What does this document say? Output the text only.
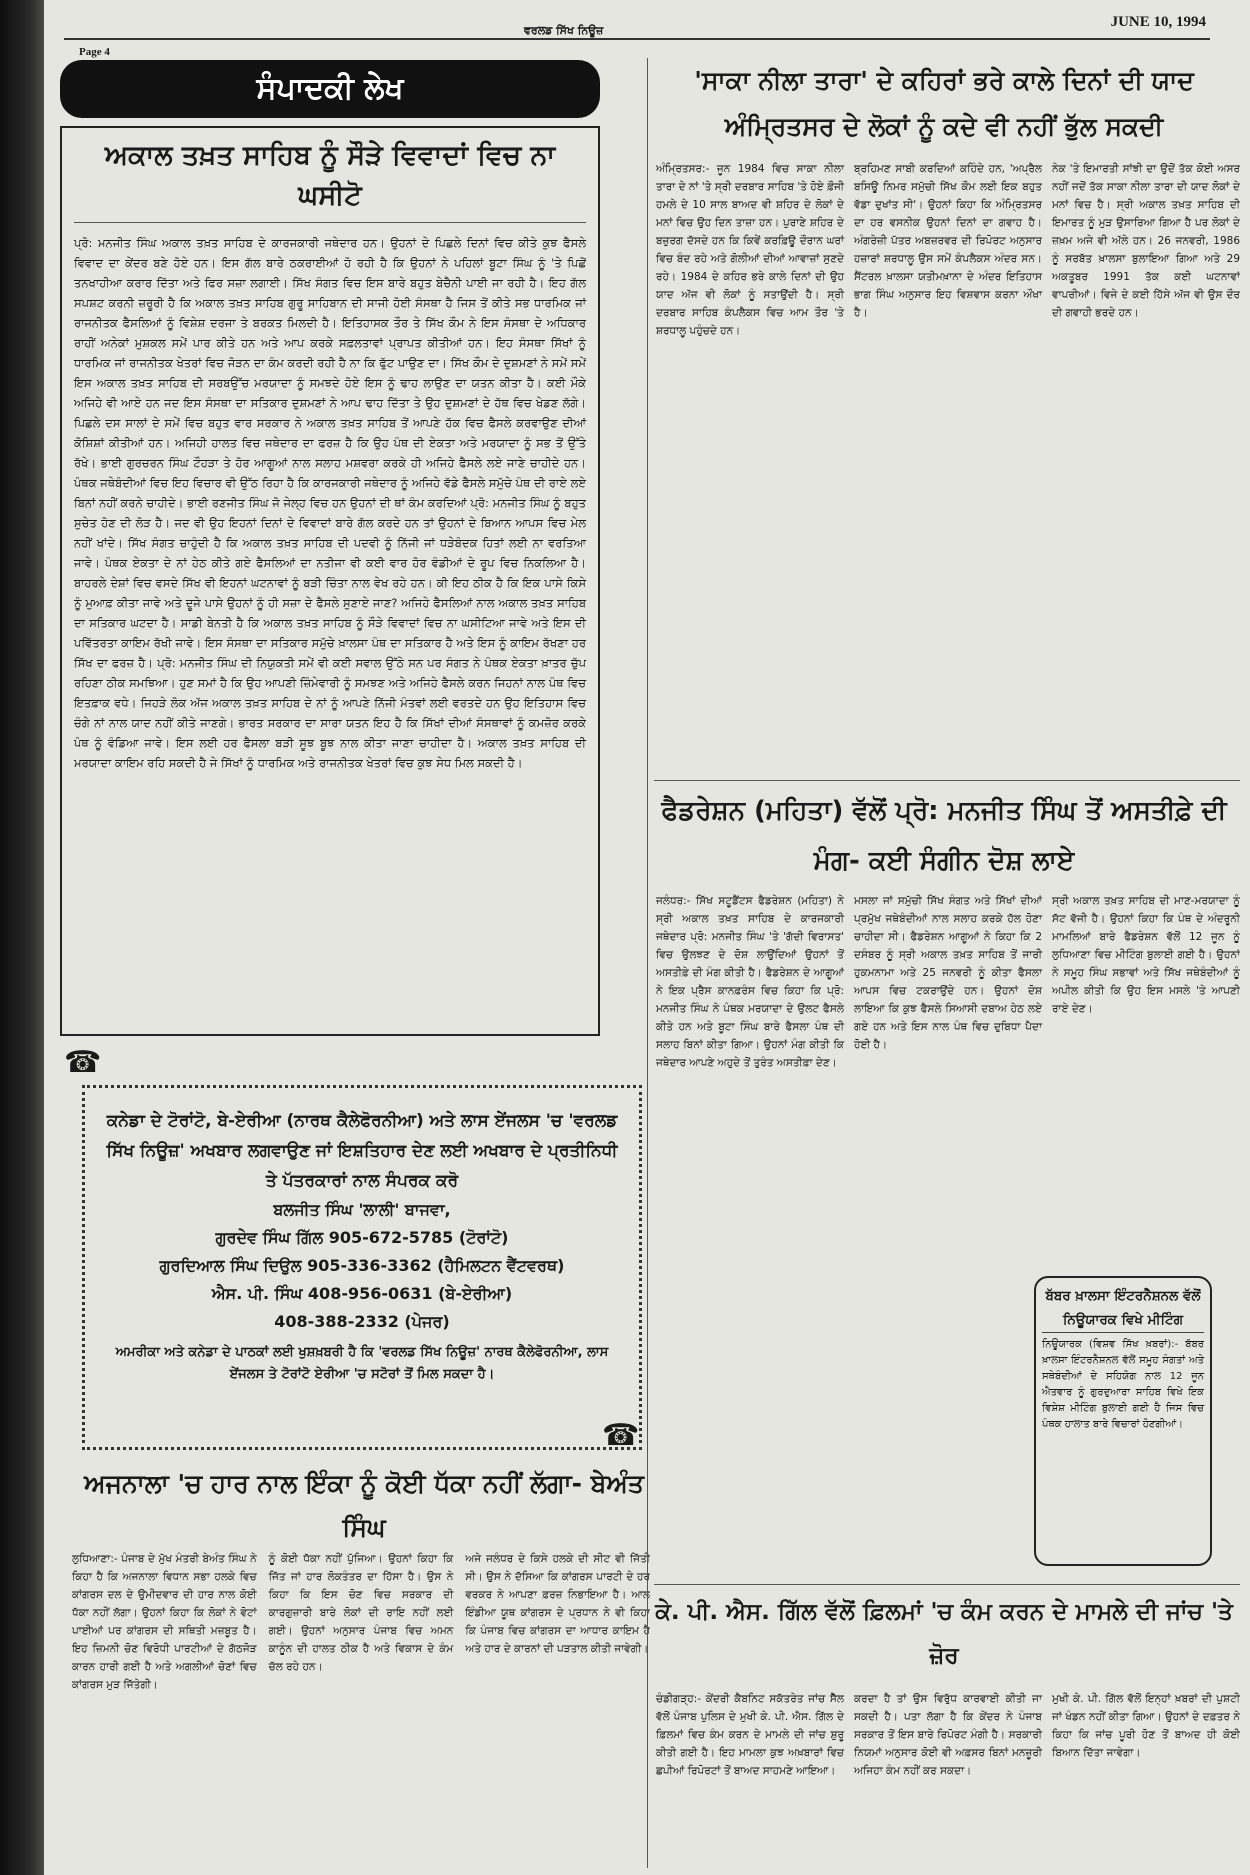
ਵਰਲਡ ਸਿੱਖ ਨਿਊਜ਼
JUNE 10, 1994
Page 4
ਸੰਪਾਦਕੀ ਲੇਖ
ਅਕਾਲ ਤਖ਼ਤ ਸਾਹਿਬ ਨੂੰ ਸੌੜੇ ਵਿਵਾਦਾਂ ਵਿਚ ਨਾ ਘਸੀਟੋ
ਪ੍ਰੋ: ਮਨਜੀਤ ਸਿੰਘ ਅਕਾਲ ਤਖ਼ਤ ਸਾਹਿਬ ਦੇ ਕਾਰਜਕਾਰੀ ਜਥੇਦਾਰ ਹਨ। ਉਹਨਾਂ ਦੇ ਪਿਛਲੇ ਦਿਨਾਂ ਵਿਚ ਕੀਤੇ ਕੁਝ ਫੈਸਲੇ ਵਿਵਾਦ ਦਾ ਕੇਂਦਰ ਬਣੇ ਹੋਏ ਹਨ। ਇਸ ਗੱਲ ਬਾਰੇ ਠਕਰਾਈਆਂ ਹੋ ਰਹੀ ਹੈ ਕਿ ਉਹਨਾਂ ਨੇ ਪਹਿਲਾਂ ਬੂਟਾ ਸਿੰਘ ਨੂੰ 'ਤੇ ਪਿਛੋਂ ਤਨਖਾਹੀਆ ਕਰਾਰ ਦਿੱਤਾ ਅਤੇ ਫਿਰ ਸਜ਼ਾ ਲਗਾਈ। ਸਿੱਖ ਸੰਗਤ ਵਿਚ ਇਸ ਬਾਰੇ ਬਹੁਤ ਬੇਚੈਨੀ ਪਾਈ ਜਾ ਰਹੀ ਹੈ। ਇਹ ਗੱਲ ਸਪਸ਼ਟ ਕਰਨੀ ਜ਼ਰੂਰੀ ਹੈ ਕਿ ਅਕਾਲ ਤਖ਼ਤ ਸਾਹਿਬ ਗੁਰੂ ਸਾਹਿਬਾਨ ਦੀ ਸਾਜੀ ਹੋਈ ਸੰਸਥਾ ਹੈ ਜਿਸ ਤੋਂ ਕੀਤੇ ਸਭ ਧਾਰਮਿਕ ਜਾਂ ਰਾਜਨੀਤਕ ਫੈਸਲਿਆਂ ਨੂੰ ਵਿਸ਼ੇਸ਼ ਦਰਜਾ ਤੇ ਬਰਕਤ ਮਿਲਦੀ ਹੈ। ਇਤਿਹਾਸਕ ਤੌਰ ਤੇ ਸਿੱਖ ਕੌਮ ਨੇ ਇਸ ਸੰਸਥਾ ਦੇ ਅਧਿਕਾਰ ਰਾਹੀਂ ਅਨੇਕਾਂ ਮੁਸ਼ਕਲ ਸਮੇਂ ਪਾਰ ਕੀਤੇ ਹਨ ਅਤੇ ਆਪ ਕਰਕੇ ਸਫ਼ਲਤਾਵਾਂ ਪ੍ਰਾਪਤ ਕੀਤੀਆਂ ਹਨ। ਇਹ ਸੰਸਥਾ ਸਿੱਖਾਂ ਨੂੰ ਧਾਰਮਿਕ ਜਾਂ ਰਾਜਨੀਤਕ ਖੇਤਰਾਂ ਵਿਚ ਜੋੜਨ ਦਾ ਕੰਮ ਕਰਦੀ ਰਹੀ ਹੈ ਨਾ ਕਿ ਫੁੱਟ ਪਾਉਣ ਦਾ। ਸਿੱਖ ਕੌਮ ਦੇ ਦੁਸ਼ਮਣਾਂ ਨੇ ਸਮੇਂ ਸਮੇਂ ਇਸ ਅਕਾਲ ਤਖ਼ਤ ਸਾਹਿਬ ਦੀ ਸਰਬਉੱਚ ਮਰਯਾਦਾ ਨੂੰ ਸਮਝਦੇ ਹੋਏ ਇਸ ਨੂੰ ਢਾਹ ਲਾਉਣ ਦਾ ਯਤਨ ਕੀਤਾ ਹੈ। ਕਈ ਮੌਕੇ ਅਜਿਹੇ ਵੀ ਆਏ ਹਨ ਜਦ ਇਸ ਸੰਸਥਾ ਦਾ ਸਤਿਕਾਰ ਦੁਸ਼ਮਣਾਂ ਨੇ ਆਪ ਢਾਹ ਦਿੱਤਾ ਤੇ ਉਹ ਦੁਸ਼ਮਣਾਂ ਦੇ ਹੱਥ ਵਿਚ ਖੇਡਣ ਲੱਗੇ। ਪਿਛਲੇ ਦਸ ਸਾਲਾਂ ਦੇ ਸਮੇਂ ਵਿਚ ਬਹੁਤ ਵਾਰ ਸਰਕਾਰ ਨੇ ਅਕਾਲ ਤਖ਼ਤ ਸਾਹਿਬ ਤੋਂ ਆਪਣੇ ਹੱਕ ਵਿਚ ਫੈਸਲੇ ਕਰਵਾਉਣ ਦੀਆਂ ਕੋਸ਼ਿਸ਼ਾਂ ਕੀਤੀਆਂ ਹਨ। ਅਜਿਹੀ ਹਾਲਤ ਵਿਚ ਜਥੇਦਾਰ ਦਾ ਫਰਜ਼ ਹੈ ਕਿ ਉਹ ਪੰਥ ਦੀ ਏਕਤਾ ਅਤੇ ਮਰਯਾਦਾ ਨੂੰ ਸਭ ਤੋਂ ਉੱਤੇ ਰੱਖੇ। ਭਾਈ ਗੁਰਚਰਨ ਸਿੰਘ ਟੌਹੜਾ ਤੇ ਹੋਰ ਆਗੂਆਂ ਨਾਲ ਸਲਾਹ ਮਸ਼ਵਰਾ ਕਰਕੇ ਹੀ ਅਜਿਹੇ ਫੈਸਲੇ ਲਏ ਜਾਣੇ ਚਾਹੀਦੇ ਹਨ। ਪੰਥਕ ਜਥੇਬੰਦੀਆਂ ਵਿਚ ਇਹ ਵਿਚਾਰ ਵੀ ਉੱਠ ਰਿਹਾ ਹੈ ਕਿ ਕਾਰਜਕਾਰੀ ਜਥੇਦਾਰ ਨੂੰ ਅਜਿਹੇ ਵੱਡੇ ਫੈਸਲੇ ਸਮੁੱਚੇ ਪੰਥ ਦੀ ਰਾਏ ਲਏ ਬਿਨਾਂ ਨਹੀਂ ਕਰਨੇ ਚਾਹੀਦੇ। ਭਾਈ ਰਣਜੀਤ ਸਿੰਘ ਜੋ ਜੇਲ੍ਹ ਵਿਚ ਹਨ ਉਹਨਾਂ ਦੀ ਥਾਂ ਕੰਮ ਕਰਦਿਆਂ ਪ੍ਰੋ: ਮਨਜੀਤ ਸਿੰਘ ਨੂੰ ਬਹੁਤ ਸੁਚੇਤ ਹੋਣ ਦੀ ਲੋੜ ਹੈ। ਜਦ ਵੀ ਉਹ ਇਹਨਾਂ ਦਿਨਾਂ ਦੇ ਵਿਵਾਦਾਂ ਬਾਰੇ ਗੱਲ ਕਰਦੇ ਹਨ ਤਾਂ ਉਹਨਾਂ ਦੇ ਬਿਆਨ ਆਪਸ ਵਿਚ ਮੇਲ ਨਹੀਂ ਖਾਂਦੇ। ਸਿੱਖ ਸੰਗਤ ਚਾਹੁੰਦੀ ਹੈ ਕਿ ਅਕਾਲ ਤਖ਼ਤ ਸਾਹਿਬ ਦੀ ਪਦਵੀ ਨੂੰ ਨਿੱਜੀ ਜਾਂ ਧੜੇਬੰਦਕ ਹਿਤਾਂ ਲਈ ਨਾ ਵਰਤਿਆ ਜਾਵੇ। ਪੰਥਕ ਏਕਤਾ ਦੇ ਨਾਂ ਹੇਠ ਕੀਤੇ ਗਏ ਫੈਸਲਿਆਂ ਦਾ ਨਤੀਜਾ ਵੀ ਕਈ ਵਾਰ ਹੋਰ ਵੰਡੀਆਂ ਦੇ ਰੂਪ ਵਿਚ ਨਿਕਲਿਆ ਹੈ। ਬਾਹਰਲੇ ਦੇਸ਼ਾਂ ਵਿਚ ਵਸਦੇ ਸਿੱਖ ਵੀ ਇਹਨਾਂ ਘਟਨਾਵਾਂ ਨੂੰ ਬੜੀ ਚਿੰਤਾ ਨਾਲ ਵੇਖ ਰਹੇ ਹਨ। ਕੀ ਇਹ ਠੀਕ ਹੈ ਕਿ ਇਕ ਪਾਸੇ ਕਿਸੇ ਨੂੰ ਮੁਆਫ਼ ਕੀਤਾ ਜਾਵੇ ਅਤੇ ਦੂਜੇ ਪਾਸੇ ਉਹਨਾਂ ਨੂੰ ਹੀ ਸਜ਼ਾ ਦੇ ਫੈਸਲੇ ਸੁਣਾਏ ਜਾਣ? ਅਜਿਹੇ ਫੈਸਲਿਆਂ ਨਾਲ ਅਕਾਲ ਤਖ਼ਤ ਸਾਹਿਬ ਦਾ ਸਤਿਕਾਰ ਘਟਦਾ ਹੈ। ਸਾਡੀ ਬੇਨਤੀ ਹੈ ਕਿ ਅਕਾਲ ਤਖ਼ਤ ਸਾਹਿਬ ਨੂੰ ਸੌੜੇ ਵਿਵਾਦਾਂ ਵਿਚ ਨਾ ਘਸੀਟਿਆ ਜਾਵੇ ਅਤੇ ਇਸ ਦੀ ਪਵਿੱਤਰਤਾ ਕਾਇਮ ਰੱਖੀ ਜਾਵੇ। ਇਸ ਸੰਸਥਾ ਦਾ ਸਤਿਕਾਰ ਸਮੁੱਚੇ ਖ਼ਾਲਸਾ ਪੰਥ ਦਾ ਸਤਿਕਾਰ ਹੈ ਅਤੇ ਇਸ ਨੂੰ ਕਾਇਮ ਰੱਖਣਾ ਹਰ ਸਿੱਖ ਦਾ ਫਰਜ਼ ਹੈ। ਪ੍ਰੋ: ਮਨਜੀਤ ਸਿੰਘ ਦੀ ਨਿਯੁਕਤੀ ਸਮੇਂ ਵੀ ਕਈ ਸਵਾਲ ਉੱਠੇ ਸਨ ਪਰ ਸੰਗਤ ਨੇ ਪੰਥਕ ਏਕਤਾ ਖ਼ਾਤਰ ਚੁੱਪ ਰਹਿਣਾ ਠੀਕ ਸਮਝਿਆ। ਹੁਣ ਸਮਾਂ ਹੈ ਕਿ ਉਹ ਆਪਣੀ ਜ਼ਿੰਮੇਵਾਰੀ ਨੂੰ ਸਮਝਣ ਅਤੇ ਅਜਿਹੇ ਫੈਸਲੇ ਕਰਨ ਜਿਹਨਾਂ ਨਾਲ ਪੰਥ ਵਿਚ ਇਤਫ਼ਾਕ ਵਧੇ। ਜਿਹੜੇ ਲੋਕ ਅੱਜ ਅਕਾਲ ਤਖ਼ਤ ਸਾਹਿਬ ਦੇ ਨਾਂ ਨੂੰ ਆਪਣੇ ਨਿੱਜੀ ਮੰਤਵਾਂ ਲਈ ਵਰਤਦੇ ਹਨ ਉਹ ਇਤਿਹਾਸ ਵਿਚ ਚੰਗੇ ਨਾਂ ਨਾਲ ਯਾਦ ਨਹੀਂ ਕੀਤੇ ਜਾਣਗੇ। ਭਾਰਤ ਸਰਕਾਰ ਦਾ ਸਾਰਾ ਯਤਨ ਇਹ ਹੈ ਕਿ ਸਿੱਖਾਂ ਦੀਆਂ ਸੰਸਥਾਵਾਂ ਨੂੰ ਕਮਜ਼ੋਰ ਕਰਕੇ ਪੰਥ ਨੂੰ ਵੰਡਿਆ ਜਾਵੇ। ਇਸ ਲਈ ਹਰ ਫੈਸਲਾ ਬੜੀ ਸੂਝ ਬੂਝ ਨਾਲ ਕੀਤਾ ਜਾਣਾ ਚਾਹੀਦਾ ਹੈ। ਅਕਾਲ ਤਖ਼ਤ ਸਾਹਿਬ ਦੀ ਮਰਯਾਦਾ ਕਾਇਮ ਰਹਿ ਸਕਦੀ ਹੈ ਜੇ ਸਿੱਖਾਂ ਨੂੰ ਧਾਰਮਿਕ ਅਤੇ ਰਾਜਨੀਤਕ ਖੇਤਰਾਂ ਵਿਚ ਕੁਝ ਸੇਧ ਮਿਲ ਸਕਦੀ ਹੈ।
☎
ਕਨੇਡਾ ਦੇ ਟੋਰਾਂਟੋ, ਬੇ-ਏਰੀਆ (ਨਾਰਥ ਕੈਲੇਫੋਰਨੀਆ) ਅਤੇ ਲਾਸ ਏਂਜਲਸ 'ਚ 'ਵਰਲਡ ਸਿੱਖ ਨਿਊਜ਼' ਅਖਬਾਰ ਲਗਵਾਉਣ ਜਾਂ ਇਸ਼ਤਿਹਾਰ ਦੇਣ ਲਈ ਅਖਬਾਰ ਦੇ ਪ੍ਰਤੀਨਿਧੀ ਤੇ ਪੱਤਰਕਾਰਾਂ ਨਾਲ ਸੰਪਰਕ ਕਰੋ
ਬਲਜੀਤ ਸਿੰਘ 'ਲਾਲੀ' ਬਾਜਵਾ,
ਗੁਰਦੇਵ ਸਿੰਘ ਗਿੱਲ 905-672-5785 (ਟੋਰਾਂਟੋ)
ਗੁਰਦਿਆਲ ਸਿੰਘ ਦਿਉਲ 905-336-3362 (ਹੈਮਿਲਟਨ ਵੈਂਟਵਰਥ)
ਐਸ. ਪੀ. ਸਿੰਘ 408-956-0631 (ਬੇ-ਏਰੀਆ)
408-388-2332 (ਪੇਜਰ)
ਅਮਰੀਕਾ ਅਤੇ ਕਨੇਡਾ ਦੇ ਪਾਠਕਾਂ ਲਈ ਖੁਸ਼ਖ਼ਬਰੀ ਹੈ ਕਿ 'ਵਰਲਡ ਸਿੱਖ ਨਿਊਜ਼' ਨਾਰਥ ਕੈਲੇਫੋਰਨੀਆ, ਲਾਸ ਏਂਜਲਸ ਤੇ ਟੋਰਾਂਟੋ ਏਰੀਆ 'ਚ ਸਟੋਰਾਂ ਤੋਂ ਮਿਲ ਸਕਦਾ ਹੈ।
☎
ਅਜਨਾਲਾ 'ਚ ਹਾਰ ਨਾਲ ਇੰਕਾ ਨੂੰ ਕੋਈ ਧੱਕਾ ਨਹੀਂ ਲੱਗਾ- ਬੇਅੰਤ ਸਿੰਘ
ਲੁਧਿਆਣਾ:- ਪੰਜਾਬ ਦੇ ਮੁੱਖ ਮੰਤਰੀ ਬੇਅੰਤ ਸਿੰਘ ਨੇ ਕਿਹਾ ਹੈ ਕਿ ਅਜਨਾਲਾ ਵਿਧਾਨ ਸਭਾ ਹਲਕੇ ਵਿਚ ਕਾਂਗਰਸ ਦਲ ਦੇ ਉਮੀਦਵਾਰ ਦੀ ਹਾਰ ਨਾਲ ਕੋਈ ਧੱਕਾ ਨਹੀਂ ਲੱਗਾ। ਉਹਨਾਂ ਕਿਹਾ ਕਿ ਲੋਕਾਂ ਨੇ ਵੋਟਾਂ ਪਾਈਆਂ ਪਰ ਕਾਂਗਰਸ ਦੀ ਸਥਿਤੀ ਮਜ਼ਬੂਤ ਹੈ। ਇਹ ਜ਼ਿਮਨੀ ਚੋਣ ਵਿਰੋਧੀ ਪਾਰਟੀਆਂ ਦੇ ਗੱਠਜੋੜ ਕਾਰਨ ਹਾਰੀ ਗਈ ਹੈ ਅਤੇ ਅਗਲੀਆਂ ਚੋਣਾਂ ਵਿਚ ਕਾਂਗਰਸ ਮੁੜ ਜਿੱਤੇਗੀ।
ਨੂੰ ਕੋਈ ਧੱਕਾ ਨਹੀਂ ਪੁੱਜਿਆ। ਉਹਨਾਂ ਕਿਹਾ ਕਿ ਜਿੱਤ ਜਾਂ ਹਾਰ ਲੋਕਤੰਤਰ ਦਾ ਹਿੱਸਾ ਹੈ। ਉਸ ਨੇ ਕਿਹਾ ਕਿ ਇਸ ਚੋਣ ਵਿਚ ਸਰਕਾਰ ਦੀ ਕਾਰਗੁਜ਼ਾਰੀ ਬਾਰੇ ਲੋਕਾਂ ਦੀ ਰਾਇ ਨਹੀਂ ਲਈ ਗਈ। ਉਹਨਾਂ ਅਨੁਸਾਰ ਪੰਜਾਬ ਵਿਚ ਅਮਨ ਕਾਨੂੰਨ ਦੀ ਹਾਲਤ ਠੀਕ ਹੈ ਅਤੇ ਵਿਕਾਸ ਦੇ ਕੰਮ ਚੱਲ ਰਹੇ ਹਨ।
ਅਜੇ ਜਲੰਧਰ ਦੇ ਕਿਸੇ ਹਲਕੇ ਦੀ ਸੀਟ ਵੀ ਜਿੱਤੀ ਸੀ। ਉਸ ਨੇ ਦੱਸਿਆ ਕਿ ਕਾਂਗਰਸ ਪਾਰਟੀ ਦੇ ਹਰ ਵਰਕਰ ਨੇ ਆਪਣਾ ਫ਼ਰਜ਼ ਨਿਭਾਇਆ ਹੈ। ਆਲ ਇੰਡੀਆ ਯੂਥ ਕਾਂਗਰਸ ਦੇ ਪ੍ਰਧਾਨ ਨੇ ਵੀ ਕਿਹਾ ਕਿ ਪੰਜਾਬ ਵਿਚ ਕਾਂਗਰਸ ਦਾ ਆਧਾਰ ਕਾਇਮ ਹੈ ਅਤੇ ਹਾਰ ਦੇ ਕਾਰਨਾਂ ਦੀ ਪੜਤਾਲ ਕੀਤੀ ਜਾਵੇਗੀ।
'ਸਾਕਾ ਨੀਲਾ ਤਾਰਾ' ਦੇ ਕਹਿਰਾਂ ਭਰੇ ਕਾਲੇ ਦਿਨਾਂ ਦੀ ਯਾਦ ਅੰਮ੍ਰਿਤਸਰ ਦੇ ਲੋਕਾਂ ਨੂੰ ਕਦੇ ਵੀ ਨਹੀਂ ਭੁੱਲ ਸਕਦੀ
ਅੰਮ੍ਰਿਤਸਰ:- ਜੂਨ 1984 ਵਿਚ ਸਾਕਾ ਨੀਲਾ ਤਾਰਾ ਦੇ ਨਾਂ 'ਤੇ ਸ੍ਰੀ ਦਰਬਾਰ ਸਾਹਿਬ 'ਤੇ ਹੋਏ ਫ਼ੌਜੀ ਹਮਲੇ ਦੇ 10 ਸਾਲ ਬਾਅਦ ਵੀ ਸ਼ਹਿਰ ਦੇ ਲੋਕਾਂ ਦੇ ਮਨਾਂ ਵਿਚ ਉਹ ਦਿਨ ਤਾਜ਼ਾ ਹਨ। ਪੁਰਾਣੇ ਸ਼ਹਿਰ ਦੇ ਬਜ਼ੁਰਗ ਦੱਸਦੇ ਹਨ ਕਿ ਕਿਵੇਂ ਕਰਫ਼ਿਊ ਦੌਰਾਨ ਘਰਾਂ ਵਿਚ ਬੰਦ ਰਹੇ ਅਤੇ ਗੋਲੀਆਂ ਦੀਆਂ ਆਵਾਜ਼ਾਂ ਸੁਣਦੇ ਰਹੇ। 1984 ਦੇ ਕਹਿਰ ਭਰੇ ਕਾਲੇ ਦਿਨਾਂ ਦੀ ਉਹ ਯਾਦ ਅੱਜ ਵੀ ਲੋਕਾਂ ਨੂੰ ਸਤਾਉਂਦੀ ਹੈ। ਸ੍ਰੀ ਦਰਬਾਰ ਸਾਹਿਬ ਕੰਪਲੈਕਸ ਵਿਚ ਆਮ ਤੌਰ 'ਤੇ ਸ਼ਰਧਾਲੂ ਪਹੁੰਚਦੇ ਹਨ।
ਬ੍ਰਹਿਮਣ ਸਾਬੀ ਕਰਦਿਆਂ ਕਹਿੰਦੇ ਹਨ, 'ਅਪ੍ਰੈਲ ਬਸਿਊ ਨਿਮਰ ਸਮੁੱਚੀ ਸਿੱਖ ਕੌਮ ਲਈ ਇਕ ਬਹੁਤ ਵੱਡਾ ਦੁਖਾਂਤ ਸੀ'। ਉਹਨਾਂ ਕਿਹਾ ਕਿ ਅੰਮ੍ਰਿਤਸਰ ਦਾ ਹਰ ਵਸਨੀਕ ਉਹਨਾਂ ਦਿਨਾਂ ਦਾ ਗਵਾਹ ਹੈ। ਅੰਗਰੇਜ਼ੀ ਪੱਤਰ ਅਬਜ਼ਰਵਰ ਦੀ ਰਿਪੋਰਟ ਅਨੁਸਾਰ ਹਜ਼ਾਰਾਂ ਸ਼ਰਧਾਲੂ ਉਸ ਸਮੇਂ ਕੰਪਲੈਕਸ ਅੰਦਰ ਸਨ। ਸੈਂਟਰਲ ਖ਼ਾਲਸਾ ਯਤੀਮਖ਼ਾਨਾ ਦੇ ਅੰਦਰ ਇਤਿਹਾਸ ਭਾਗ ਸਿੰਘ ਅਨੁਸਾਰ ਇਹ ਵਿਸ਼ਵਾਸ ਕਰਨਾ ਔਖਾ ਹੈ।
ਨੇਕ 'ਤੇ ਇਮਾਰਤੀ ਸਾਂਝੀ ਦਾ ਉਦੋਂ ਤੱਕ ਕੋਈ ਅਸਰ ਨਹੀਂ ਜਦੋਂ ਤੱਕ ਸਾਕਾ ਨੀਲਾ ਤਾਰਾ ਦੀ ਯਾਦ ਲੋਕਾਂ ਦੇ ਮਨਾਂ ਵਿਚ ਹੈ। ਸ੍ਰੀ ਅਕਾਲ ਤਖ਼ਤ ਸਾਹਿਬ ਦੀ ਇਮਾਰਤ ਨੂੰ ਮੁੜ ਉਸਾਰਿਆ ਗਿਆ ਹੈ ਪਰ ਲੋਕਾਂ ਦੇ ਜ਼ਖ਼ਮ ਅਜੇ ਵੀ ਅੱਲੇ ਹਨ। 26 ਜਨਵਰੀ, 1986 ਨੂੰ ਸਰਬੱਤ ਖ਼ਾਲਸਾ ਬੁਲਾਇਆ ਗਿਆ ਅਤੇ 29 ਅਕਤੂਬਰ 1991 ਤੱਕ ਕਈ ਘਟਨਾਵਾਂ ਵਾਪਰੀਆਂ। ਵਿਜੇ ਦੇ ਕਈ ਹਿੱਸੇ ਅੱਜ ਵੀ ਉਸ ਦੌਰ ਦੀ ਗਵਾਹੀ ਭਰਦੇ ਹਨ।
ਫੈਡਰੇਸ਼ਨ (ਮਹਿਤਾ) ਵੱਲੋਂ ਪ੍ਰੋ: ਮਨਜੀਤ ਸਿੰਘ ਤੋਂ ਅਸਤੀਫ਼ੇ ਦੀ ਮੰਗ- ਕਈ ਸੰਗੀਨ ਦੋਸ਼ ਲਾਏ
ਜਲੰਧਰ:- ਸਿੱਖ ਸਟੂਡੈਂਟਸ ਫੈਡਰੇਸ਼ਨ (ਮਹਿਤਾ) ਨੇ ਸ੍ਰੀ ਅਕਾਲ ਤਖ਼ਤ ਸਾਹਿਬ ਦੇ ਕਾਰਜਕਾਰੀ ਜਥੇਦਾਰ ਪ੍ਰੋ: ਮਨਜੀਤ ਸਿੰਘ 'ਤੇ 'ਗੱਦੀ ਵਿਰਾਸਤ' ਵਿਚ ਉਲਝਣ ਦੇ ਦੋਸ਼ ਲਾਉਂਦਿਆਂ ਉਹਨਾਂ ਤੋਂ ਅਸਤੀਫ਼ੇ ਦੀ ਮੰਗ ਕੀਤੀ ਹੈ। ਫੈਡਰੇਸ਼ਨ ਦੇ ਆਗੂਆਂ ਨੇ ਇਕ ਪ੍ਰੈਸ ਕਾਨਫ਼ਰੰਸ ਵਿਚ ਕਿਹਾ ਕਿ ਪ੍ਰੋ: ਮਨਜੀਤ ਸਿੰਘ ਨੇ ਪੰਥਕ ਮਰਯਾਦਾ ਦੇ ਉਲਟ ਫੈਸਲੇ ਕੀਤੇ ਹਨ ਅਤੇ ਬੂਟਾ ਸਿੰਘ ਬਾਰੇ ਫੈਸਲਾ ਪੰਥ ਦੀ ਸਲਾਹ ਬਿਨਾਂ ਕੀਤਾ ਗਿਆ। ਉਹਨਾਂ ਮੰਗ ਕੀਤੀ ਕਿ ਜਥੇਦਾਰ ਆਪਣੇ ਅਹੁਦੇ ਤੋਂ ਤੁਰੰਤ ਅਸਤੀਫ਼ਾ ਦੇਣ।
ਮਸਲਾ ਜਾਂ ਸਮੁੱਚੀ ਸਿੱਖ ਸੰਗਤ ਅਤੇ ਸਿੱਖਾਂ ਦੀਆਂ ਪ੍ਰਮੁੱਖ ਜਥੇਬੰਦੀਆਂ ਨਾਲ ਸਲਾਹ ਕਰਕੇ ਹੱਲ ਹੋਣਾ ਚਾਹੀਦਾ ਸੀ। ਫੈਡਰੇਸ਼ਨ ਆਗੂਆਂ ਨੇ ਕਿਹਾ ਕਿ 2 ਦਸੰਬਰ ਨੂੰ ਸ੍ਰੀ ਅਕਾਲ ਤਖ਼ਤ ਸਾਹਿਬ ਤੋਂ ਜਾਰੀ ਹੁਕਮਨਾਮਾ ਅਤੇ 25 ਜਨਵਰੀ ਨੂੰ ਕੀਤਾ ਫੈਸਲਾ ਆਪਸ ਵਿਚ ਟਕਰਾਉਂਦੇ ਹਨ। ਉਹਨਾਂ ਦੋਸ਼ ਲਾਇਆ ਕਿ ਕੁਝ ਫੈਸਲੇ ਸਿਆਸੀ ਦਬਾਅ ਹੇਠ ਲਏ ਗਏ ਹਨ ਅਤੇ ਇਸ ਨਾਲ ਪੰਥ ਵਿਚ ਦੁਬਿਧਾ ਪੈਦਾ ਹੋਈ ਹੈ।
ਸ੍ਰੀ ਅਕਾਲ ਤਖ਼ਤ ਸਾਹਿਬ ਦੀ ਮਾਣ-ਮਰਯਾਦਾ ਨੂੰ ਸੱਟ ਵੱਜੀ ਹੈ। ਉਹਨਾਂ ਕਿਹਾ ਕਿ ਪੰਥ ਦੇ ਅੰਦਰੂਨੀ ਮਾਮਲਿਆਂ ਬਾਰੇ ਫੈਡਰੇਸ਼ਨ ਵੱਲੋਂ 12 ਜੂਨ ਨੂੰ ਲੁਧਿਆਣਾ ਵਿਚ ਮੀਟਿੰਗ ਬੁਲਾਈ ਗਈ ਹੈ। ਉਹਨਾਂ ਨੇ ਸਮੂਹ ਸਿੰਘ ਸਭਾਵਾਂ ਅਤੇ ਸਿੱਖ ਜਥੇਬੰਦੀਆਂ ਨੂੰ ਅਪੀਲ ਕੀਤੀ ਕਿ ਉਹ ਇਸ ਮਸਲੇ 'ਤੇ ਆਪਣੀ ਰਾਏ ਦੇਣ।
ਬੱਬਰ ਖ਼ਾਲਸਾ ਇੰਟਰਨੈਸ਼ਨਲ ਵੱਲੋਂ ਨਿਊਯਾਰਕ ਵਿਖੇ ਮੀਟਿੰਗ
ਨਿਊਯਾਰਕ (ਵਿਸ਼ਵ ਸਿੱਖ ਖ਼ਬਰਾਂ):- ਬੱਬਰ ਖ਼ਾਲਸਾ ਇੰਟਰਨੈਸ਼ਨਲ ਵੱਲੋਂ ਸਮੂਹ ਸੰਗਤਾਂ ਅਤੇ ਸਥੇਬੰਦੀਆਂ ਦੇ ਸਹਿਯੋਗ ਨਾਲ 12 ਜੂਨ ਐਤਵਾਰ ਨੂੰ ਗੁਰਦੁਆਰਾ ਸਾਹਿਬ ਵਿਖੇ ਇਕ ਵਿਸ਼ੇਸ਼ ਮੀਟਿੰਗ ਬੁਲਾਈ ਗਈ ਹੈ ਜਿਸ ਵਿਚ ਪੰਥਕ ਹਾਲਾਤ ਬਾਰੇ ਵਿਚਾਰਾਂ ਹੋਣਗੀਆਂ।
ਕੇ. ਪੀ. ਐਸ. ਗਿੱਲ ਵੱਲੋਂ ਫ਼ਿਲਮਾਂ 'ਚ ਕੰਮ ਕਰਨ ਦੇ ਮਾਮਲੇ ਦੀ ਜਾਂਚ 'ਤੇ ਜ਼ੋਰ
ਚੰਡੀਗੜ੍ਹ:- ਕੇਂਦਰੀ ਕੈਬਨਿਟ ਸਕੱਤਰੇਤ ਜਾਂਚ ਸੈੱਲ ਵੱਲੋਂ ਪੰਜਾਬ ਪੁਲਿਸ ਦੇ ਮੁਖੀ ਕੇ. ਪੀ. ਐਸ. ਗਿੱਲ ਦੇ ਫ਼ਿਲਮਾਂ ਵਿਚ ਕੰਮ ਕਰਨ ਦੇ ਮਾਮਲੇ ਦੀ ਜਾਂਚ ਸ਼ੁਰੂ ਕੀਤੀ ਗਈ ਹੈ। ਇਹ ਮਾਮਲਾ ਕੁਝ ਅਖ਼ਬਾਰਾਂ ਵਿਚ ਛਪੀਆਂ ਰਿਪੋਰਟਾਂ ਤੋਂ ਬਾਅਦ ਸਾਹਮਣੇ ਆਇਆ।
ਕਰਦਾ ਹੈ ਤਾਂ ਉਸ ਵਿਰੁੱਧ ਕਾਰਵਾਈ ਕੀਤੀ ਜਾ ਸਕਦੀ ਹੈ। ਪਤਾ ਲੱਗਾ ਹੈ ਕਿ ਕੇਂਦਰ ਨੇ ਪੰਜਾਬ ਸਰਕਾਰ ਤੋਂ ਇਸ ਬਾਰੇ ਰਿਪੋਰਟ ਮੰਗੀ ਹੈ। ਸਰਕਾਰੀ ਨਿਯਮਾਂ ਅਨੁਸਾਰ ਕੋਈ ਵੀ ਅਫ਼ਸਰ ਬਿਨਾਂ ਮਨਜ਼ੂਰੀ ਅਜਿਹਾ ਕੰਮ ਨਹੀਂ ਕਰ ਸਕਦਾ।
ਮੁਖੀ ਕੇ. ਪੀ. ਗਿੱਲ ਵੱਲੋਂ ਇਨ੍ਹਾਂ ਖ਼ਬਰਾਂ ਦੀ ਪੁਸ਼ਟੀ ਜਾਂ ਖੰਡਨ ਨਹੀਂ ਕੀਤਾ ਗਿਆ। ਉਹਨਾਂ ਦੇ ਦਫ਼ਤਰ ਨੇ ਕਿਹਾ ਕਿ ਜਾਂਚ ਪੂਰੀ ਹੋਣ ਤੋਂ ਬਾਅਦ ਹੀ ਕੋਈ ਬਿਆਨ ਦਿੱਤਾ ਜਾਵੇਗਾ।
